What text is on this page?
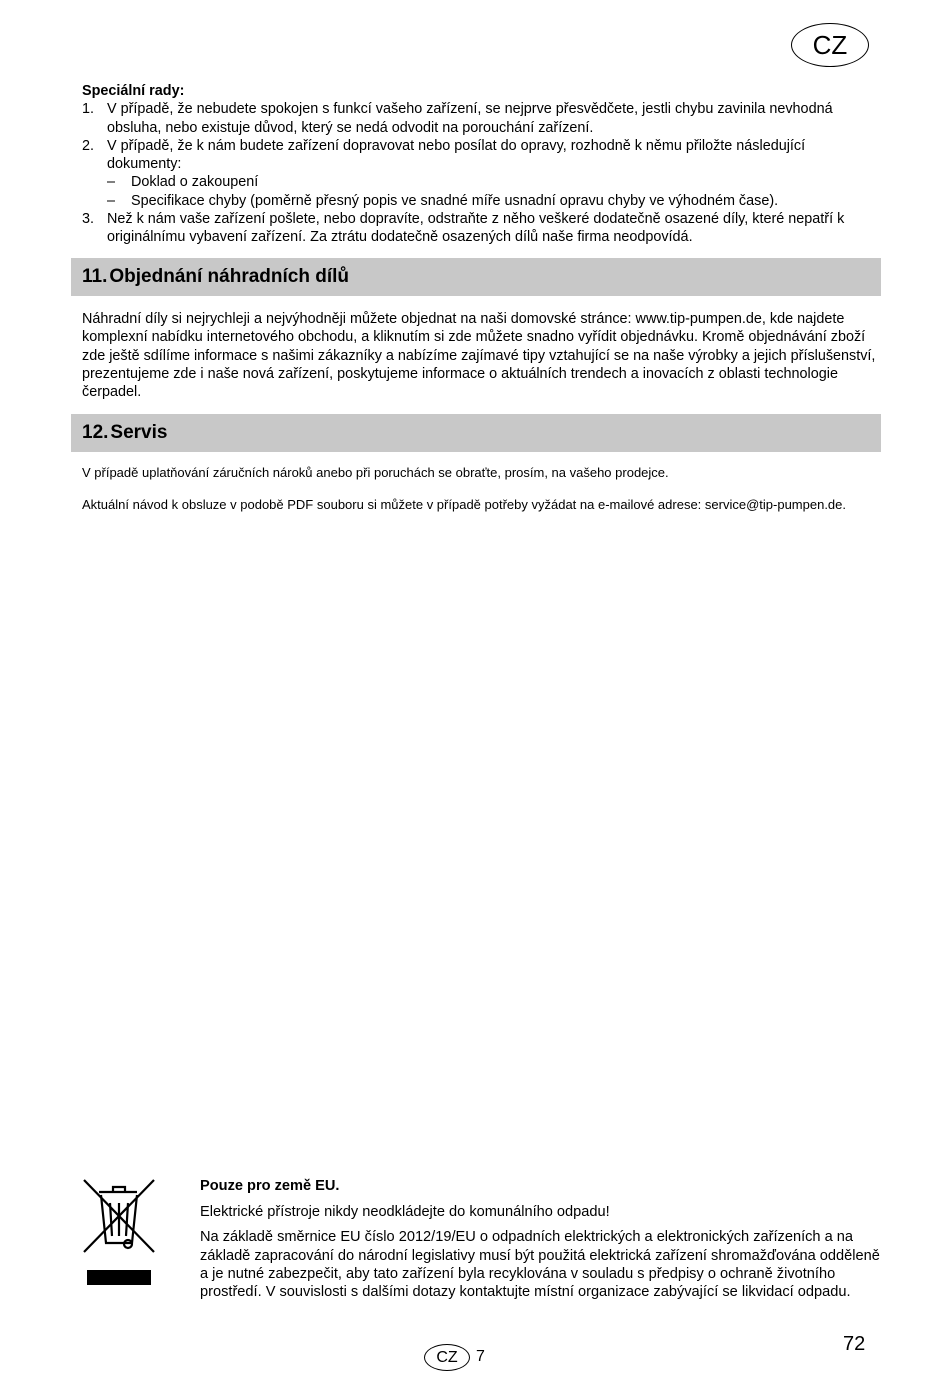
CZ

Speciální rady:

1. V případě, že nebudete spokojen s funkcí vašeho zařízení, se nejprve přesvědčete, jestli chybu zavinila nevhodná obsluha, nebo existuje důvod, který se nedá odvodit na porouchání zařízení.
2. V případě, že k nám budete zařízení dopravovat nebo posílat do opravy, rozhodně k němu přiložte následující dokumenty:
– Doklad o zakoupení
– Specifikace chyby (poměrně přesný popis ve snadné míře usnadní opravu chyby ve výhodném čase).
3. Než k nám vaše zařízení pošlete, nebo dopravíte, odstraňte z něho veškeré dodatečně osazené díly, které nepatří k originálnímu vybavení zařízení. Za ztrátu dodatečně osazených dílů naše firma neodpovídá.
11. Objednání náhradních dílů

Náhradní díly si nejrychleji a nejvýhodněji můžete objednat na naši domovské stránce: www.tip-pumpen.de, kde najdete komplexní nabídku internetového obchodu, a kliknutím si zde můžete snadno vyřídit objednávku. Kromě objednávání zboží zde ještě sdílíme informace s našimi zákazníky a nabízíme zajímavé tipy vztahující se na naše výrobky a jejich příslušenství, prezentujeme zde i naše nová zařízení, poskytujeme informace o aktuálních trendech a inovacích z oblasti technologie čerpadel.

12. Servis

V případě uplatňování záručních nároků anebo při poruchách se obraťte, prosím, na vašeho prodejce.

Aktuální návod k obsluze v podobě PDF souboru si můžete v případě potřeby vyžádat na e-mailové adrese: service@tip-pumpen.de.

Pouze pro země EU.

Elektrické přístroje nikdy neodkládejte do komunálního odpadu!

Na základě směrnice EU číslo 2012/19/EU o odpadních elektrických a elektronických zařízeních a na základě zapracování do národní legislativy musí být použitá elektrická zařízení shromažďována odděleně a je nutné zabezpečit, aby tato zařízení byla recyklována v souladu s předpisy o ochraně životního prostředí. V souvislosti s dalšími dotazy kontaktujte místní organizace zabývající se likvidací odpadu.

CZ	7
72
